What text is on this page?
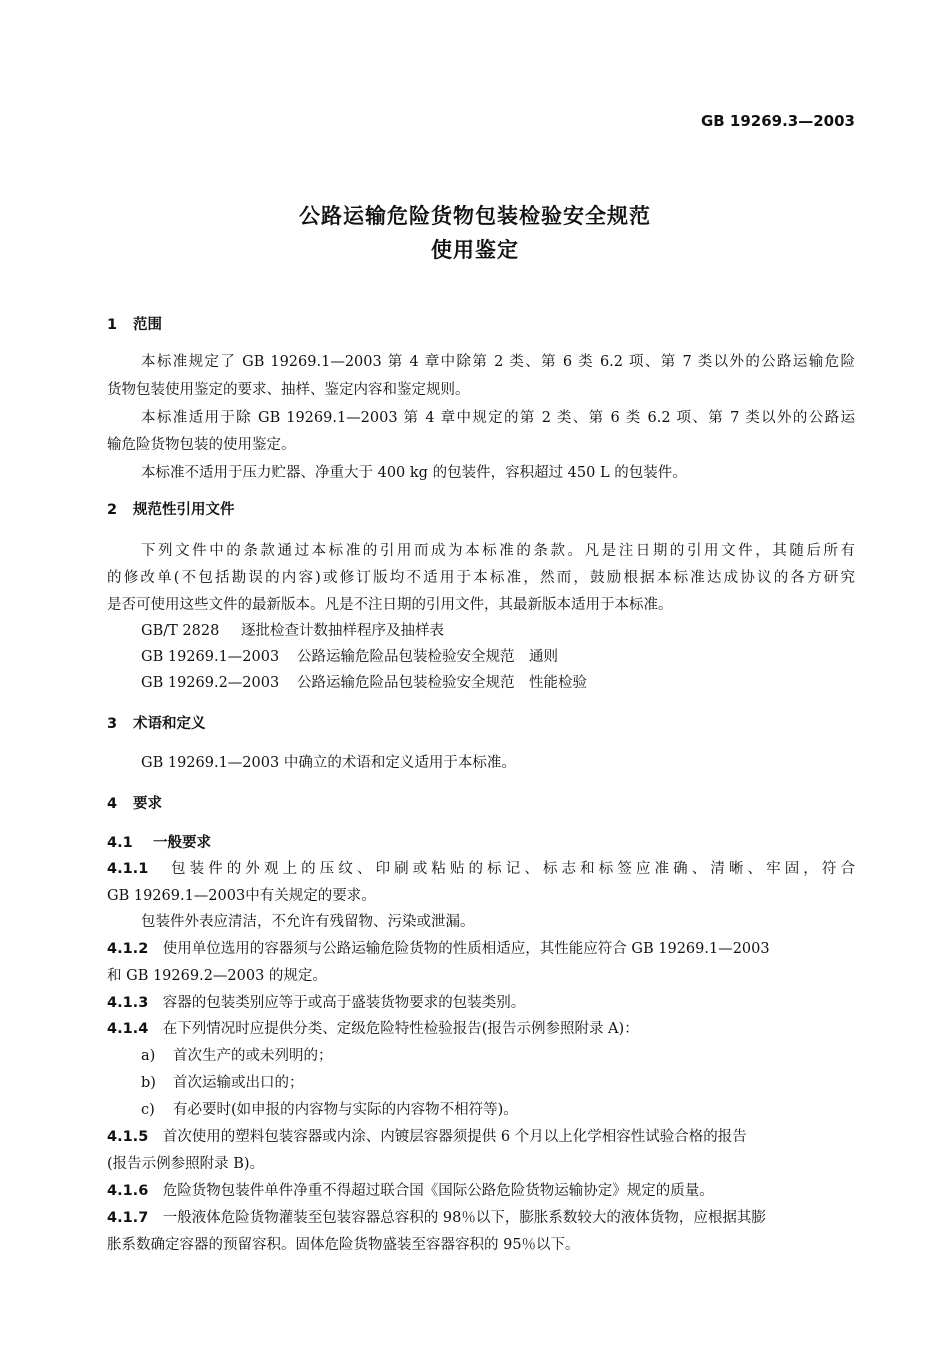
GB 19269.3—2003
公路运输危险货物包装检验安全规范
使用鉴定
1 范围
本标准规定了 GB 19269.1—2003 第 4 章中除第 2 类、第 6 类 6.2 项、第 7 类以外的公路运输危险
货物包装使用鉴定的要求、抽样、鉴定内容和鉴定规则。
本标准适用于除 GB 19269.1—2003 第 4 章中规定的第 2 类、第 6 类 6.2 项、第 7 类以外的公路运
输危险货物包装的使用鉴定。
本标准不适用于压力贮器、净重大于 400 kg 的包装件，容积超过 450 L 的包装件。
2 规范性引用文件
下列文件中的条款通过本标准的引用而成为本标准的条款。凡是注日期的引用文件，其随后所有
的修改单(不包括勘误的内容)或修订版均不适用于本标准，然而，鼓励根据本标准达成协议的各方研究
是否可使用这些文件的最新版本。凡是不注日期的引用文件，其最新版本适用于本标准。
GB/T 2828 逐批检查计数抽样程序及抽样表
GB 19269.1—2003 公路运输危险品包装检验安全规范　通则
GB 19269.2—2003 公路运输危险品包装检验安全规范　性能检验
3 术语和定义
GB 19269.1—2003 中确立的术语和定义适用于本标准。
4 要求
4.1 一般要求
4.1.1　 包装件的外观上的压纹、印刷或粘贴的标记、标志和标签应准确、清晰、牢固，符合
GB 19269.1—2003中有关规定的要求。
包装件外表应清洁，不允许有残留物、污染或泄漏。
4.1.2　 使用单位选用的容器须与公路运输危险货物的性质相适应，其性能应符合 GB 19269.1—2003
和 GB 19269.2—2003 的规定。
4.1.3　 容器的包装类别应等于或高于盛装货物要求的包装类别。
4.1.4　 在下列情况时应提供分类、定级危险特性检验报告(报告示例参照附录 A)：
a) 首次生产的或未列明的；
b) 首次运输或出口的；
c) 有必要时(如申报的内容物与实际的内容物不相符等)。
4.1.5　 首次使用的塑料包装容器或内涂、内镀层容器须提供 6 个月以上化学相容性试验合格的报告
(报告示例参照附录 B)。
4.1.6　 危险货物包装件单件净重不得超过联合国《国际公路危险货物运输协定》规定的质量。
4.1.7　 一般液体危险货物灌装至包装容器总容积的 98％以下，膨胀系数较大的液体货物，应根据其膨
胀系数确定容器的预留容积。固体危险货物盛装至容器容积的 95％以下。
